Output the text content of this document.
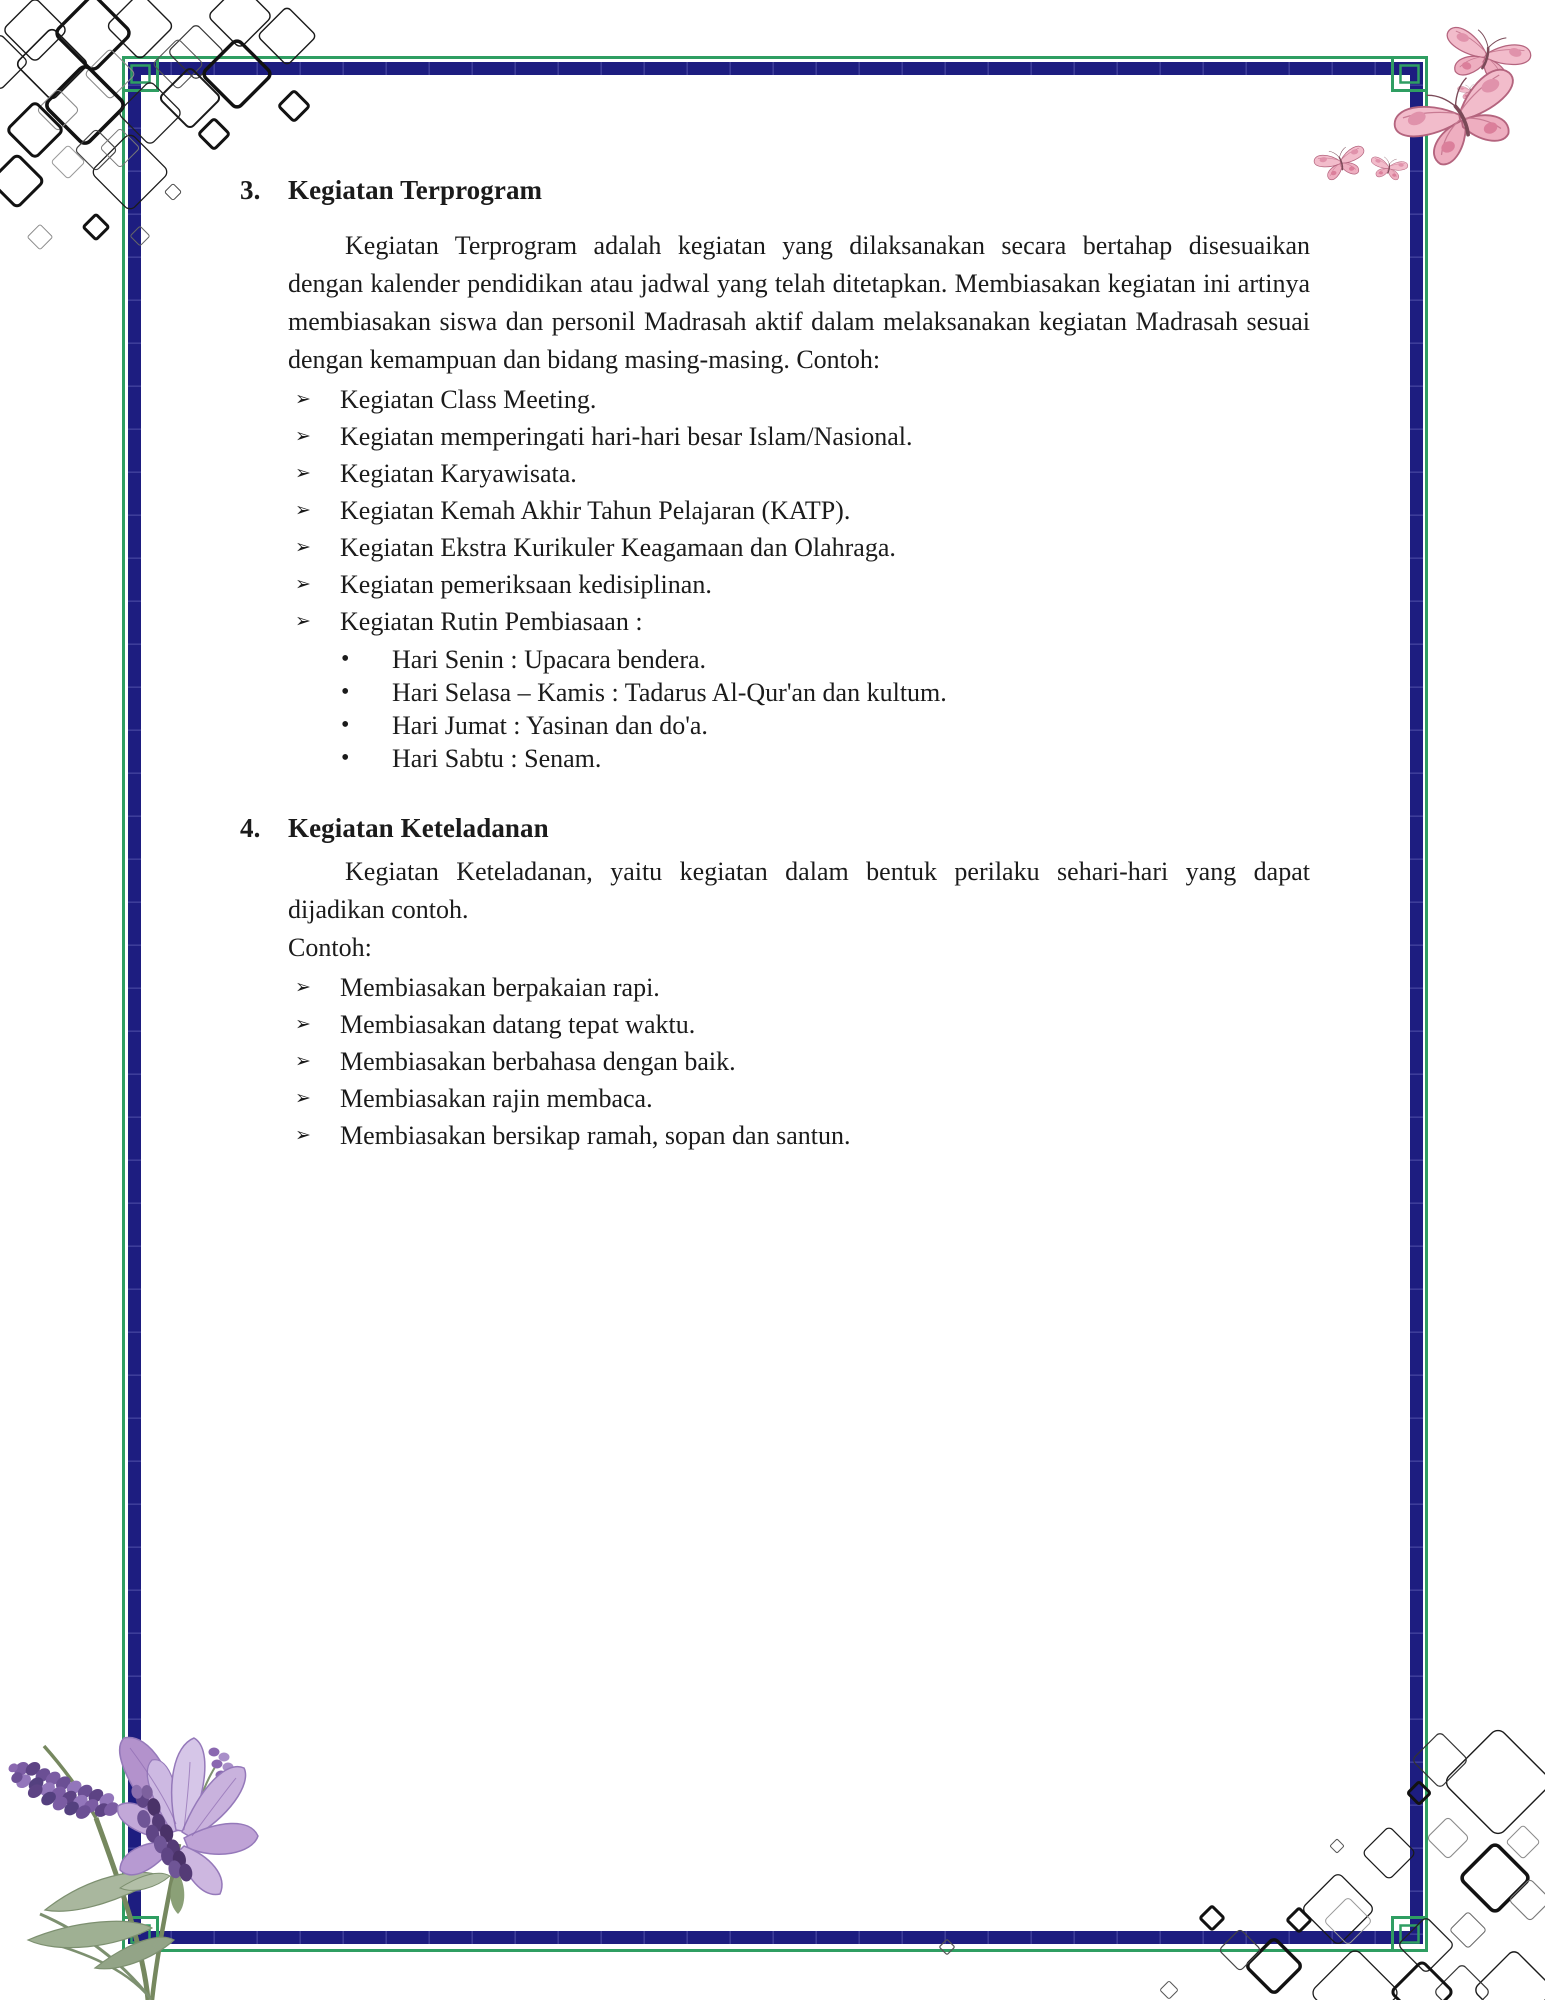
3.	Kegiatan Terprogram

Kegiatan Terprogram adalah kegiatan yang dilaksanakan secara bertahap disesuaikan dengan kalender pendidikan atau jadwal yang telah ditetapkan. Membiasakan kegiatan ini artinya membiasakan siswa dan personil Madrasah aktif dalam melaksanakan kegiatan Madrasah sesuai dengan kemampuan dan bidang masing-masing. Contoh:

➢	Kegiatan Class Meeting.
➢	Kegiatan memperingati hari-hari besar Islam/Nasional.
➢	Kegiatan Karyawisata.
➢	Kegiatan Kemah Akhir Tahun Pelajaran (KATP).
➢	Kegiatan Ekstra Kurikuler Keagamaan dan Olahraga.
➢	Kegiatan pemeriksaan kedisiplinan.
➢	Kegiatan Rutin Pembiasaan :
•	Hari Senin : Upacara bendera.
•	Hari Selasa – Kamis : Tadarus Al-Qur'an dan kultum.
•	Hari Jumat : Yasinan dan do'a.
•	Hari Sabtu : Senam.
4.	Kegiatan Keteladanan

Kegiatan Keteladanan, yaitu kegiatan dalam bentuk perilaku sehari-hari yang dapat dijadikan contoh.

Contoh:
➢	Membiasakan berpakaian rapi.
➢	Membiasakan datang tepat waktu.
➢	Membiasakan berbahasa dengan baik.
➢	Membiasakan rajin membaca.
➢	Membiasakan bersikap ramah, sopan dan santun.
